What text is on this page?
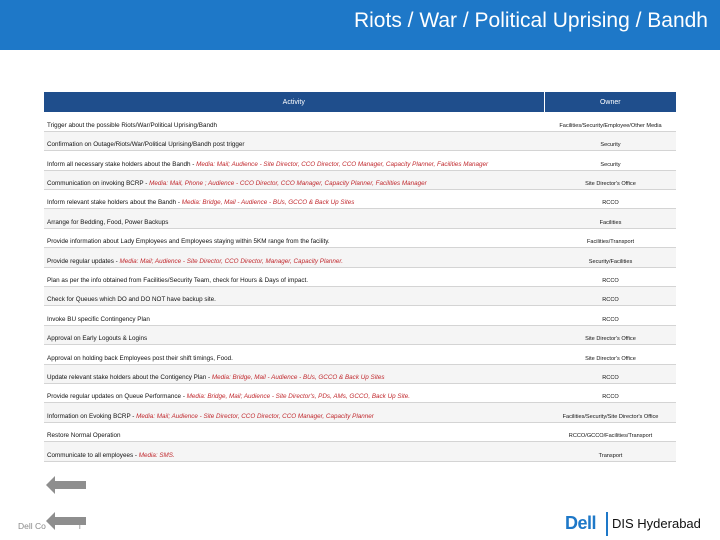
Riots / War / Political Uprising / Bandh
Activity	Owner
Trigger about the possible Riots/War/Political Uprising/Bandh	Facilities/Security/Employee/Other Media
Confirmation on Outage/Riots/War/Political Uprising/Bandh post trigger	Security
Inform all necessary stake holders about the Bandh - Media: Mail; Audience - Site Director, CCO Director, CCO Manager, Capacity Planner, Facilities Manager	Security
Communication on invoking BCRP - Media: Mail, Phone ; Audience - CCO Director, CCO Manager, Capacity Planner, Facilities Manager	Site Director's Office
Inform relevant stake holders about the Bandh - Media: Bridge, Mail - Audience - BUs, GCCO & Back Up Sites	RCCO
Arrange for Bedding, Food, Power Backups	Facilities
Provide information about Lady Employees and Employees staying within 5KM range from the facility.	Facilities/Transport
Provide regular updates - Media: Mail; Audience - Site Director, CCO Director, Manager, Capacity Planner.	Security/Facilities
Plan as per the info obtained from Facilities/Security Team, check for Hours & Days of impact.	RCCO
Check for Queues which DO and DO NOT have backup site.	RCCO
Invoke BU specific Contingency Plan	RCCO
Approval on Early Logouts & Logins	Site Director's Office
Approval on holding back Employees post their shift timings, Food.	Site Director's Office
Update relevant stake holders about the Contigency Plan - Media: Bridge, Mail - Audience - BUs, GCCO & Back Up Sites	RCCO
Provide regular updates on Queue Performance - Media: Bridge, Mail; Audience - Site Director's, PDs, AMs, GCCO, Back Up Site.	RCCO
Information on Evoking BCRP - Media: Mail; Audience - Site Director, CCO Director, CCO Manager, Capacity Planner	Facilities/Security/Site Director's Office
Restore Normal Operation	RCCO/GCCO/Facilities/Transport
Communicate to all employees - Media: SMS.	Transport
Dell Co	l	Dell DIS Hyderabad
